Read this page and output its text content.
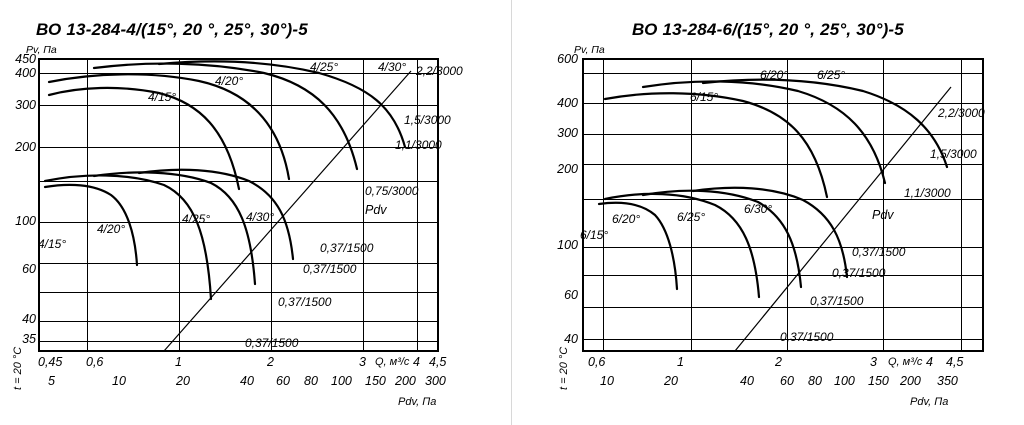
ВО 13-284-4/(15°, 20 °, 25°, 30°)-5
Рv, Па
450
400
300
200
100
60
40
35
0,45 0,6	1	2	3	4 4,5
Q, м³/с
t = 20 °С 5	10	20	40 60 80 100 150 200 300
Pdv, Па
4/15°
4/20°
4/25°	4/30°
4/15°
4/20°
4/25°	4/30°
2,2/3000
1,5/3000
1,1/3000
0,75/3000
0,37/1500
0,37/1500
0,37/1500
0,37/1500
Pdv
ВО 13-284-6/(15°, 20 °, 25°, 30°)-5
Рv, Па
600
400
300
200
100
60
40
0,6	1	2	3	4 4,5
Q, м³/с
t = 20 °С 10	20	40 60 80 100 150 200 350
Pdv, Па
6/15°
6/20° 6/25°
6/15°
6/20°	6/25°
6/30°
2,2/3000
1,5/3000
1,1/3000
0,37/1500
0,37/1500
0,37/1500
0,37/1500
Pdv
